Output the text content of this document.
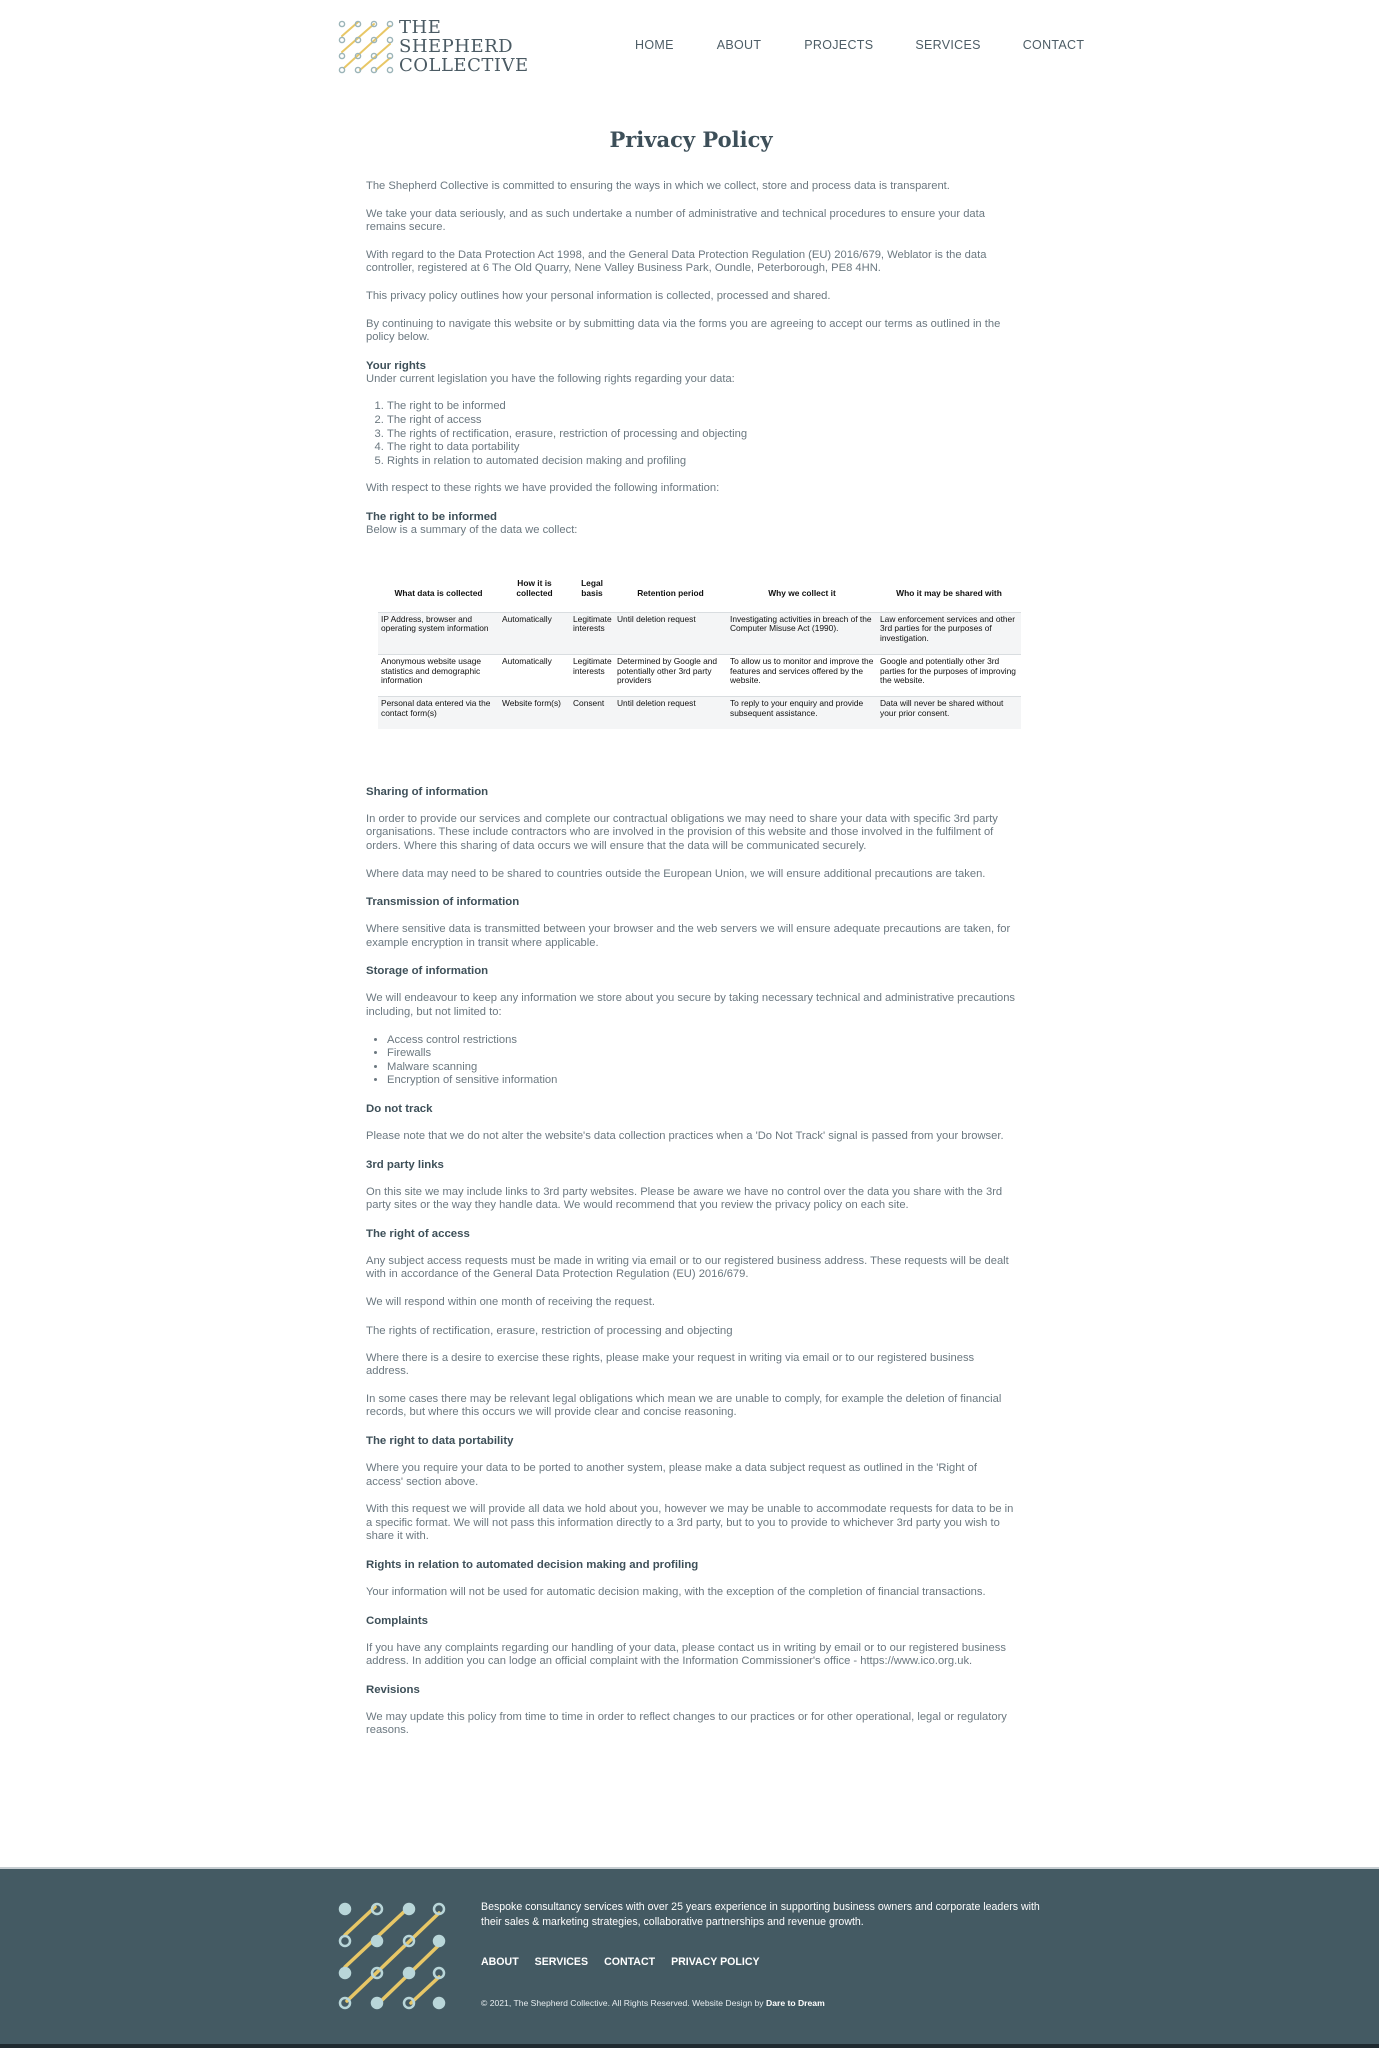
THE
SHEPHERD
COLLECTIVE
HOME	ABOUT	PROJECTS	SERVICES	CONTACT
Privacy Policy

The Shepherd Collective is committed to ensuring the ways in which we collect, store and process data is transparent.

We take your data seriously, and as such undertake a number of administrative and technical procedures to ensure your data remains secure.

With regard to the Data Protection Act 1998, and the General Data Protection Regulation (EU) 2016/679, Weblator is the data controller, registered at 6 The Old Quarry, Nene Valley Business Park, Oundle, Peterborough, PE8 4HN.

This privacy policy outlines how your personal information is collected, processed and shared.

By continuing to navigate this website or by submitting data via the forms you are agreeing to accept our terms as outlined in the policy below.

Your rights

Under current legislation you have the following rights regarding your data:

1. The right to be informed
2. The right of access
3. The rights of rectification, erasure, restriction of processing and objecting
4. The right to data portability
5. Rights in relation to automated decision making and profiling

With respect to these rights we have provided the following information:

The right to be informed

Below is a summary of the data we collect:

What data is collected	How it is collected	Legal basis	Retention period	Why we collect it	Who it may be shared with
IP Address, browser and operating system information	Automatically	Legitimate interests	Until deletion request	Investigating activities in breach of the Computer Misuse Act (1990).	Law enforcement services and other 3rd parties for the purposes of investigation.
Anonymous website usage statistics and demographic information	Automatically	Legitimate interests	Determined by Google and potentially other 3rd party providers	To allow us to monitor and improve the features and services offered by the website.	Google and potentially other 3rd parties for the purposes of improving the website.
Personal data entered via the contact form(s)	Website form(s)	Consent	Until deletion request	To reply to your enquiry and provide subsequent assistance.	Data will never be shared without your prior consent.
Sharing of information

In order to provide our services and complete our contractual obligations we may need to share your data with specific 3rd party organisations. These include contractors who are involved in the provision of this website and those involved in the fulfilment of orders. Where this sharing of data occurs we will ensure that the data will be communicated securely.

Where data may need to be shared to countries outside the European Union, we will ensure additional precautions are taken.

Transmission of information

Where sensitive data is transmitted between your browser and the web servers we will ensure adequate precautions are taken, for example encryption in transit where applicable.

Storage of information

We will endeavour to keep any information we store about you secure by taking necessary technical and administrative precautions including, but not limited to:

• Access control restrictions
• Firewalls
• Malware scanning
• Encryption of sensitive information
Do not track

Please note that we do not alter the website's data collection practices when a 'Do Not Track' signal is passed from your browser.

3rd party links

On this site we may include links to 3rd party websites. Please be aware we have no control over the data you share with the 3rd party sites or the way they handle data. We would recommend that you review the privacy policy on each site.

The right of access

Any subject access requests must be made in writing via email or to our registered business address. These requests will be dealt with in accordance of the General Data Protection Regulation (EU) 2016/679.

We will respond within one month of receiving the request.

The rights of rectification, erasure, restriction of processing and objecting

Where there is a desire to exercise these rights, please make your request in writing via email or to our registered business address.

In some cases there may be relevant legal obligations which mean we are unable to comply, for example the deletion of financial records, but where this occurs we will provide clear and concise reasoning.

The right to data portability

Where you require your data to be ported to another system, please make a data subject request as outlined in the 'Right of access' section above.

With this request we will provide all data we hold about you, however we may be unable to accommodate requests for data to be in a specific format. We will not pass this information directly to a 3rd party, but to you to provide to whichever 3rd party you wish to share it with.

Rights in relation to automated decision making and profiling

Your information will not be used for automatic decision making, with the exception of the completion of financial transactions.

Complaints

If you have any complaints regarding our handling of your data, please contact us in writing by email or to our registered business address. In addition you can lodge an official complaint with the Information Commissioner's office - https://www.ico.org.uk.

Revisions

We may update this policy from time to time in order to reflect changes to our practices or for other operational, legal or regulatory reasons.

Bespoke consultancy services with over 25 years experience in supporting business owners and corporate leaders with their sales & marketing strategies, collaborative partnerships and revenue growth.

ABOUT SERVICES CONTACT PRIVACY POLICY
© 2021, The Shepherd Collective. All Rights Reserved. Website Design by Dare to Dream
